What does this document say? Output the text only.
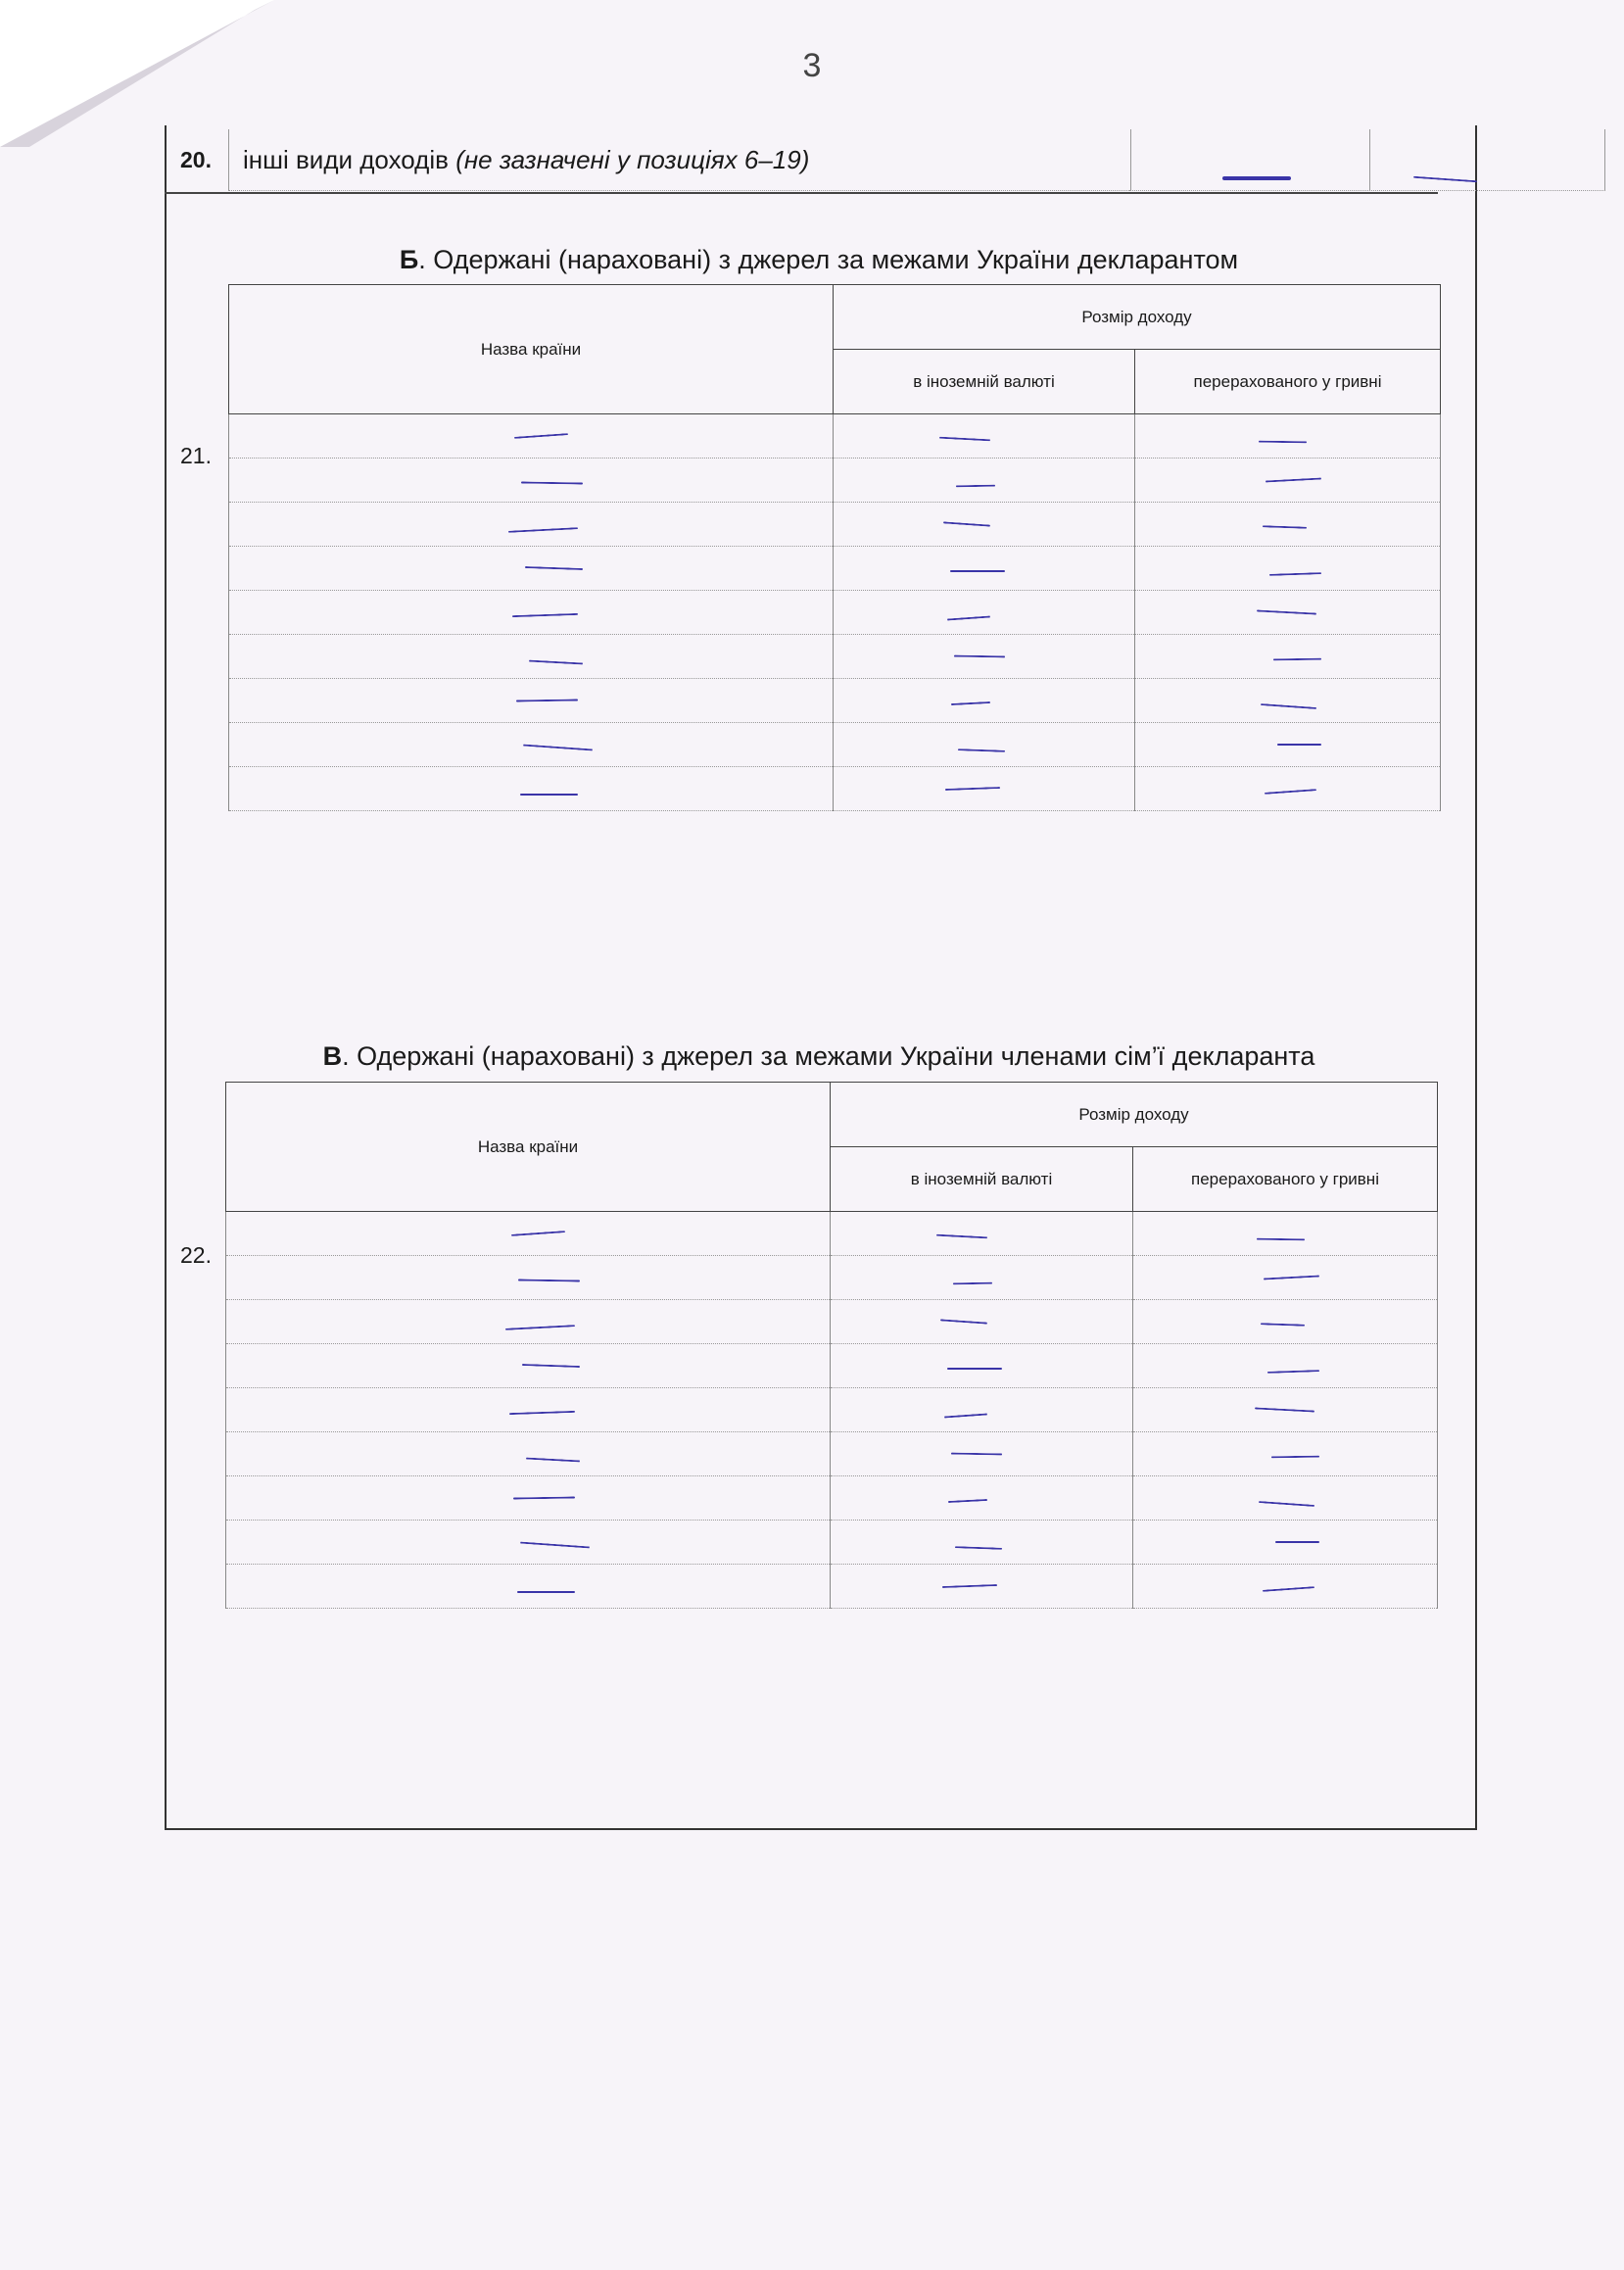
3
20. інші види доходів (не зазначені у позиціях 6–19)
Б. Одержані (нараховані) з джерел за межами України декларантом
21.
Назва країни	Розмір доходу	
	в іноземній валюті	перерахованого у гривні

В. Одержані (нараховані) з джерел за межами України членами сім’ї декларанта
22.
Назва країни	Розмір доходу	
	в іноземній валюті	перерахованого у гривні
